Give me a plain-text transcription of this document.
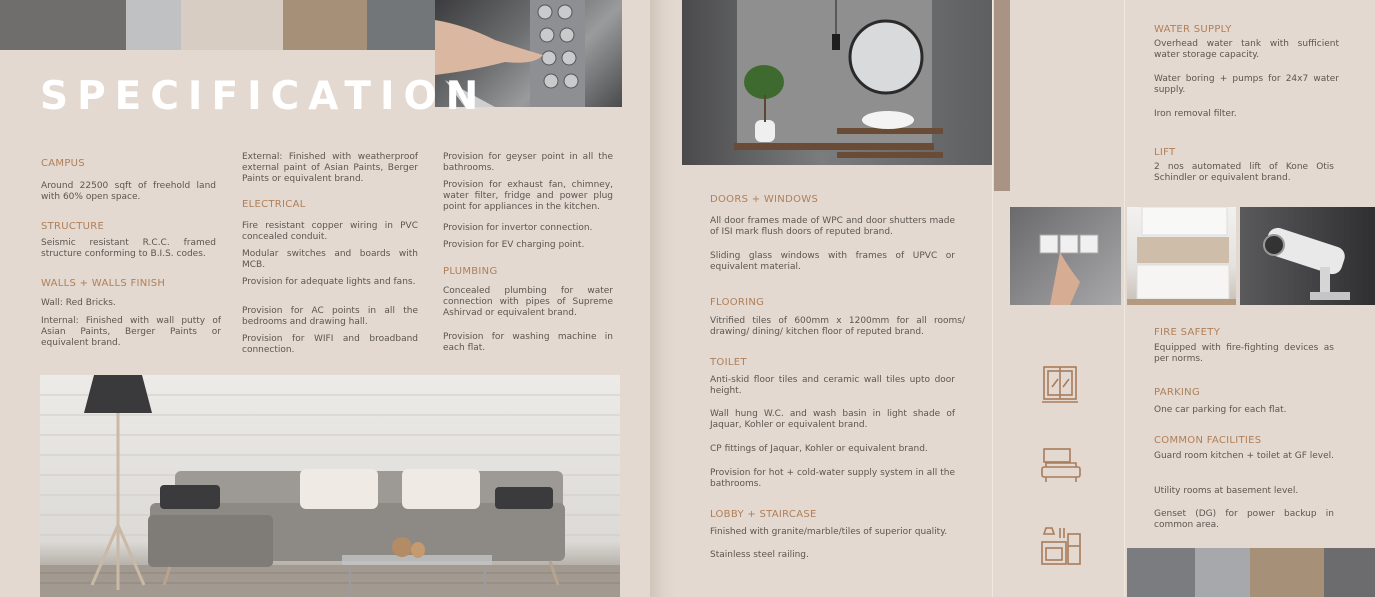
SPECIFICATION
CAMPUS
Around 22500 sqft of freehold land with 60% open space.
STRUCTURE
Seismic resistant R.C.C. framed structure conforming to B.I.S. codes.
WALLS + WALLS FINISH
Wall: Red Bricks.
Internal: Finished with wall putty of Asian Paints, Berger Paints or equivalent brand.
External: Finished with weatherproof external paint of Asian Paints, Berger Paints or equivalent brand.
ELECTRICAL
Fire resistant copper wiring in PVC concealed conduit.
Modular switches and boards with MCB.
Provision for adequate lights and fans.
Provision for AC points in all the bedrooms and drawing hall.
Provision for WIFI and broadband connection.
Provision for geyser point in all the bathrooms.
Provision for exhaust fan, chimney, water filter, fridge and power plug point for appliances in the kitchen.
Provision for invertor connection.
Provision for EV charging point.
PLUMBING
Concealed plumbing for water connection with pipes of Supreme Ashirvad or equivalent brand.
Provision for washing machine in each flat.
DOORS + WINDOWS
All door frames made of WPC and door shutters made of ISI mark flush doors of reputed brand.
Sliding glass windows with frames of UPVC or equivalent material.
FLOORING
Vitrified tiles of 600mm x 1200mm for all rooms/ drawing/ dining/ kitchen floor of reputed brand.
TOILET
Anti-skid floor tiles and ceramic wall tiles upto door height.
Wall hung W.C. and wash basin in light shade of Jaquar, Kohler or equivalent brand.
CP fittings of Jaquar, Kohler or equivalent brand.
Provision for hot + cold-water supply system in all the bathrooms.
LOBBY + STAIRCASE
Finished with granite/marble/tiles of superior quality.
Stainless steel railing.
WATER SUPPLY
Overhead water tank with sufficient water storage capacity.
Water boring + pumps for 24x7 water supply.
Iron removal filter.
LIFT
2 nos automated lift of Kone Otis Schindler or equivalent brand.
FIRE SAFETY
Equipped with fire-fighting devices as per norms.
PARKING
One car parking for each flat.
COMMON FACILITIES
Guard room kitchen + toilet at GF level.
Utility rooms at basement level.
Genset (DG) for power backup in common area.
